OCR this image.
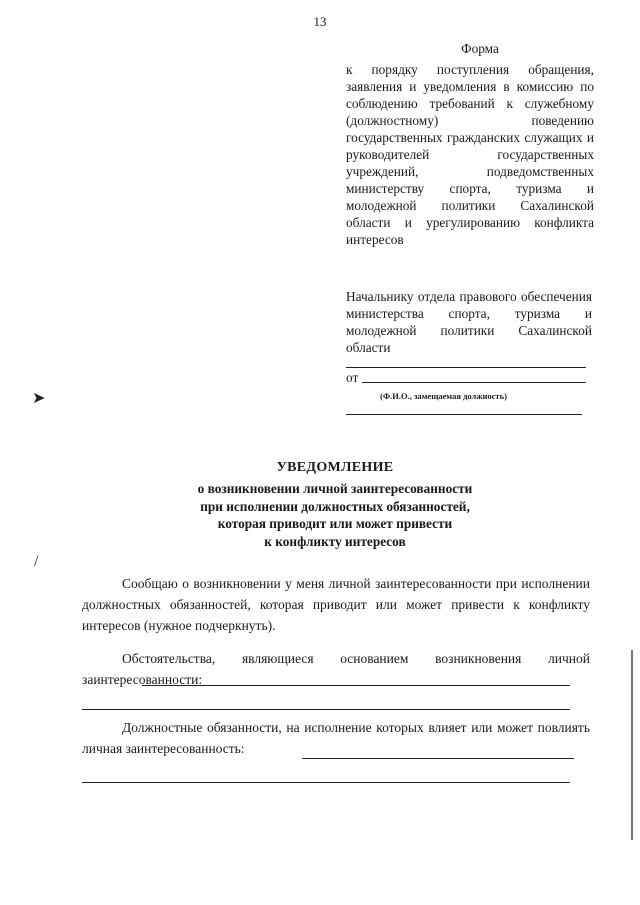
13
Форма
к порядку поступления обращения, заявления и уведомления в комиссию по соблюдению требований к служебному (должностному) поведению государственных гражданских служащих и руководителей государственных учреждений, подведомственных министерству спорта, туризма и молодежной политики Сахалинской области и урегулированию конфликта интересов
Начальнику отдела правового обеспечения министерства спорта, туризма и молодежной политики Сахалинской области
от
(Ф.И.О., замещаемая должность)
УВЕДОМЛЕНИЕ
о возникновении личной заинтересованности
при исполнении должностных обязанностей,
которая приводит или может привести
к конфликту интересов
Сообщаю о возникновении у меня личной заинтересованности при исполнении должностных обязанностей, которая приводит или может привести к конфликту интересов (нужное подчеркнуть).
Обстоятельства, являющиеся основанием возникновения личной заинтересованности:
Должностные обязанности, на исполнение которых влияет или может повлиять личная заинтересованность:
➤
/
